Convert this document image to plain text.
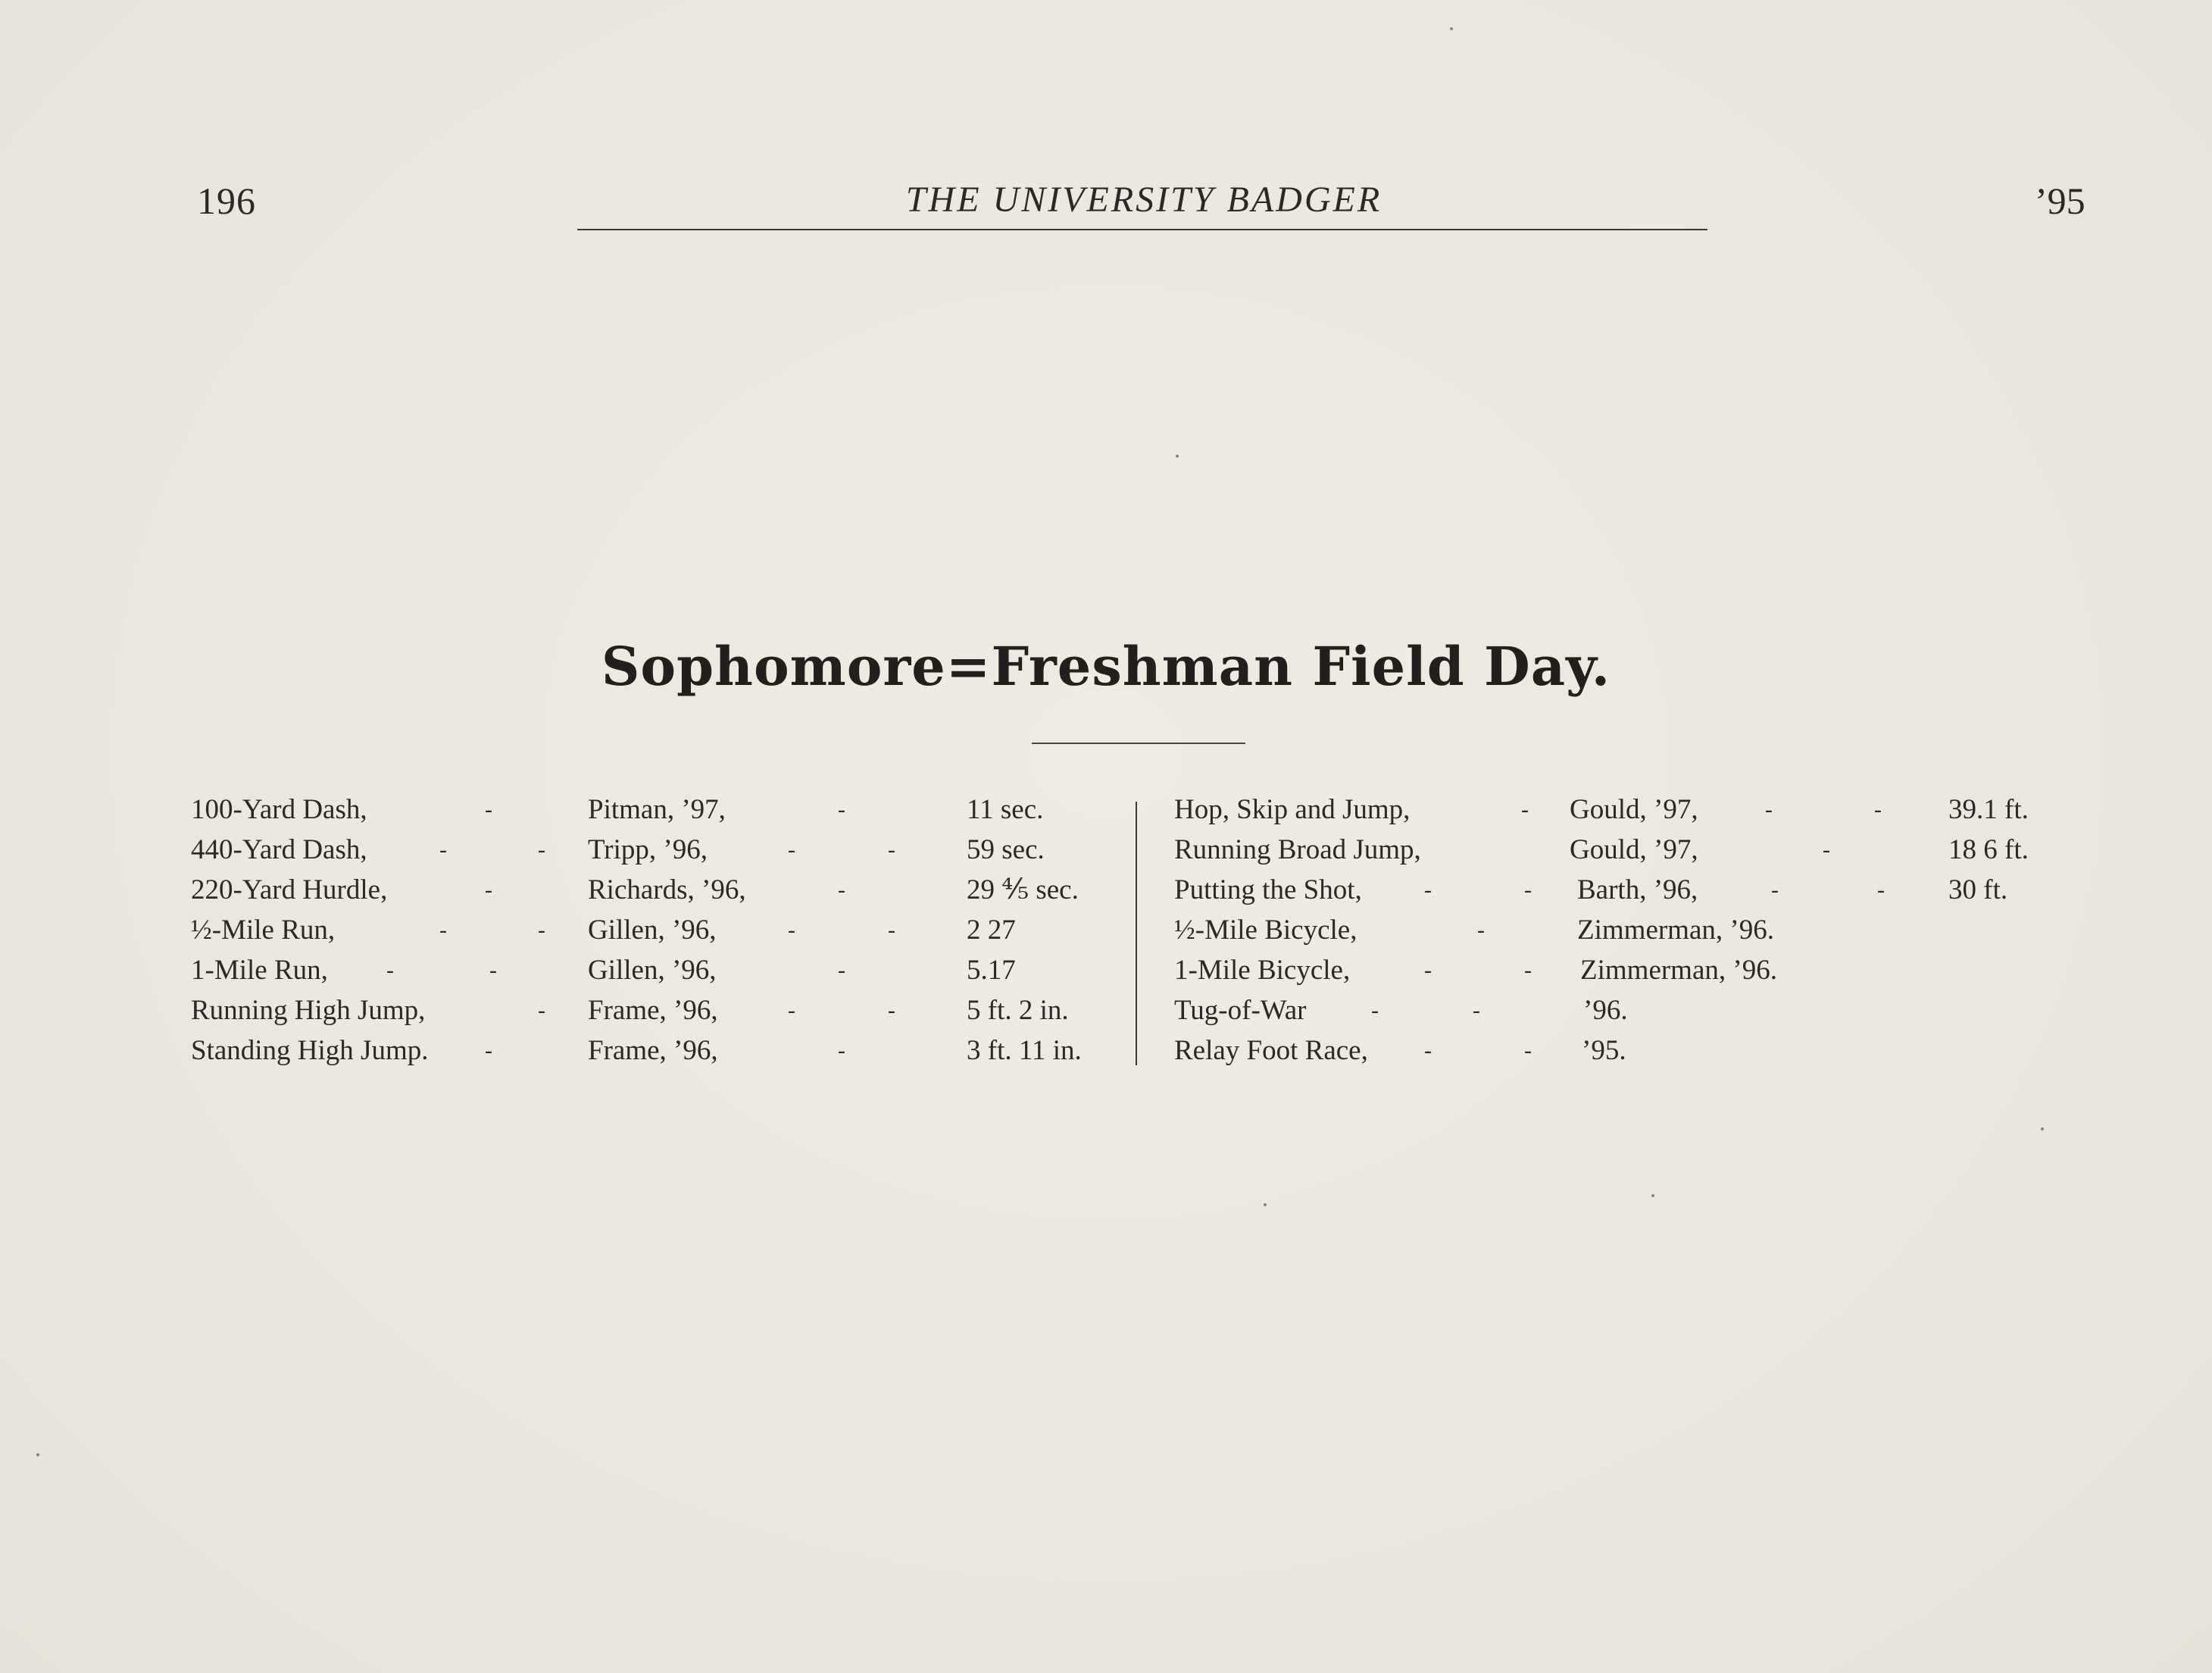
196	THE UNIVERSITY BADGER	’95
Sophomore=Freshman Field Day.
100-Yard Dash,	-	Pitman, ’97,	-	11 sec.
440-Yard Dash,	-	- Tripp, ’96,	-	-	59 sec.
220-Yard Hurdle,	-	Richards, ’96,	-	29 ⅘ sec.
½-Mile Run,	-	- Gillen, ’96,	-	-	2 27
1-Mile Run,	-	-	Gillen, ’96,	-	5.17
Running High Jump,	- Frame, ’96,	-	-	5 ft. 2 in.
Standing High Jump. -	Frame, ’96,	-	3 ft. 11 in.
Hop, Skip and Jump,	- Gould, ’97,	-	- 39.1 ft.
Running Broad Jump,	Gould, ’97,	-	18 6 ft.
Putting the Shot,	-	- Barth, ’96,	-	- 30 ft.
½-Mile Bicycle,	-	Zimmerman, ’96.
1-Mile Bicycle,	-	- Zimmerman, ’96.
Tug-of-War	-	-	’96.
Relay Foot Race, -	- ’95.
